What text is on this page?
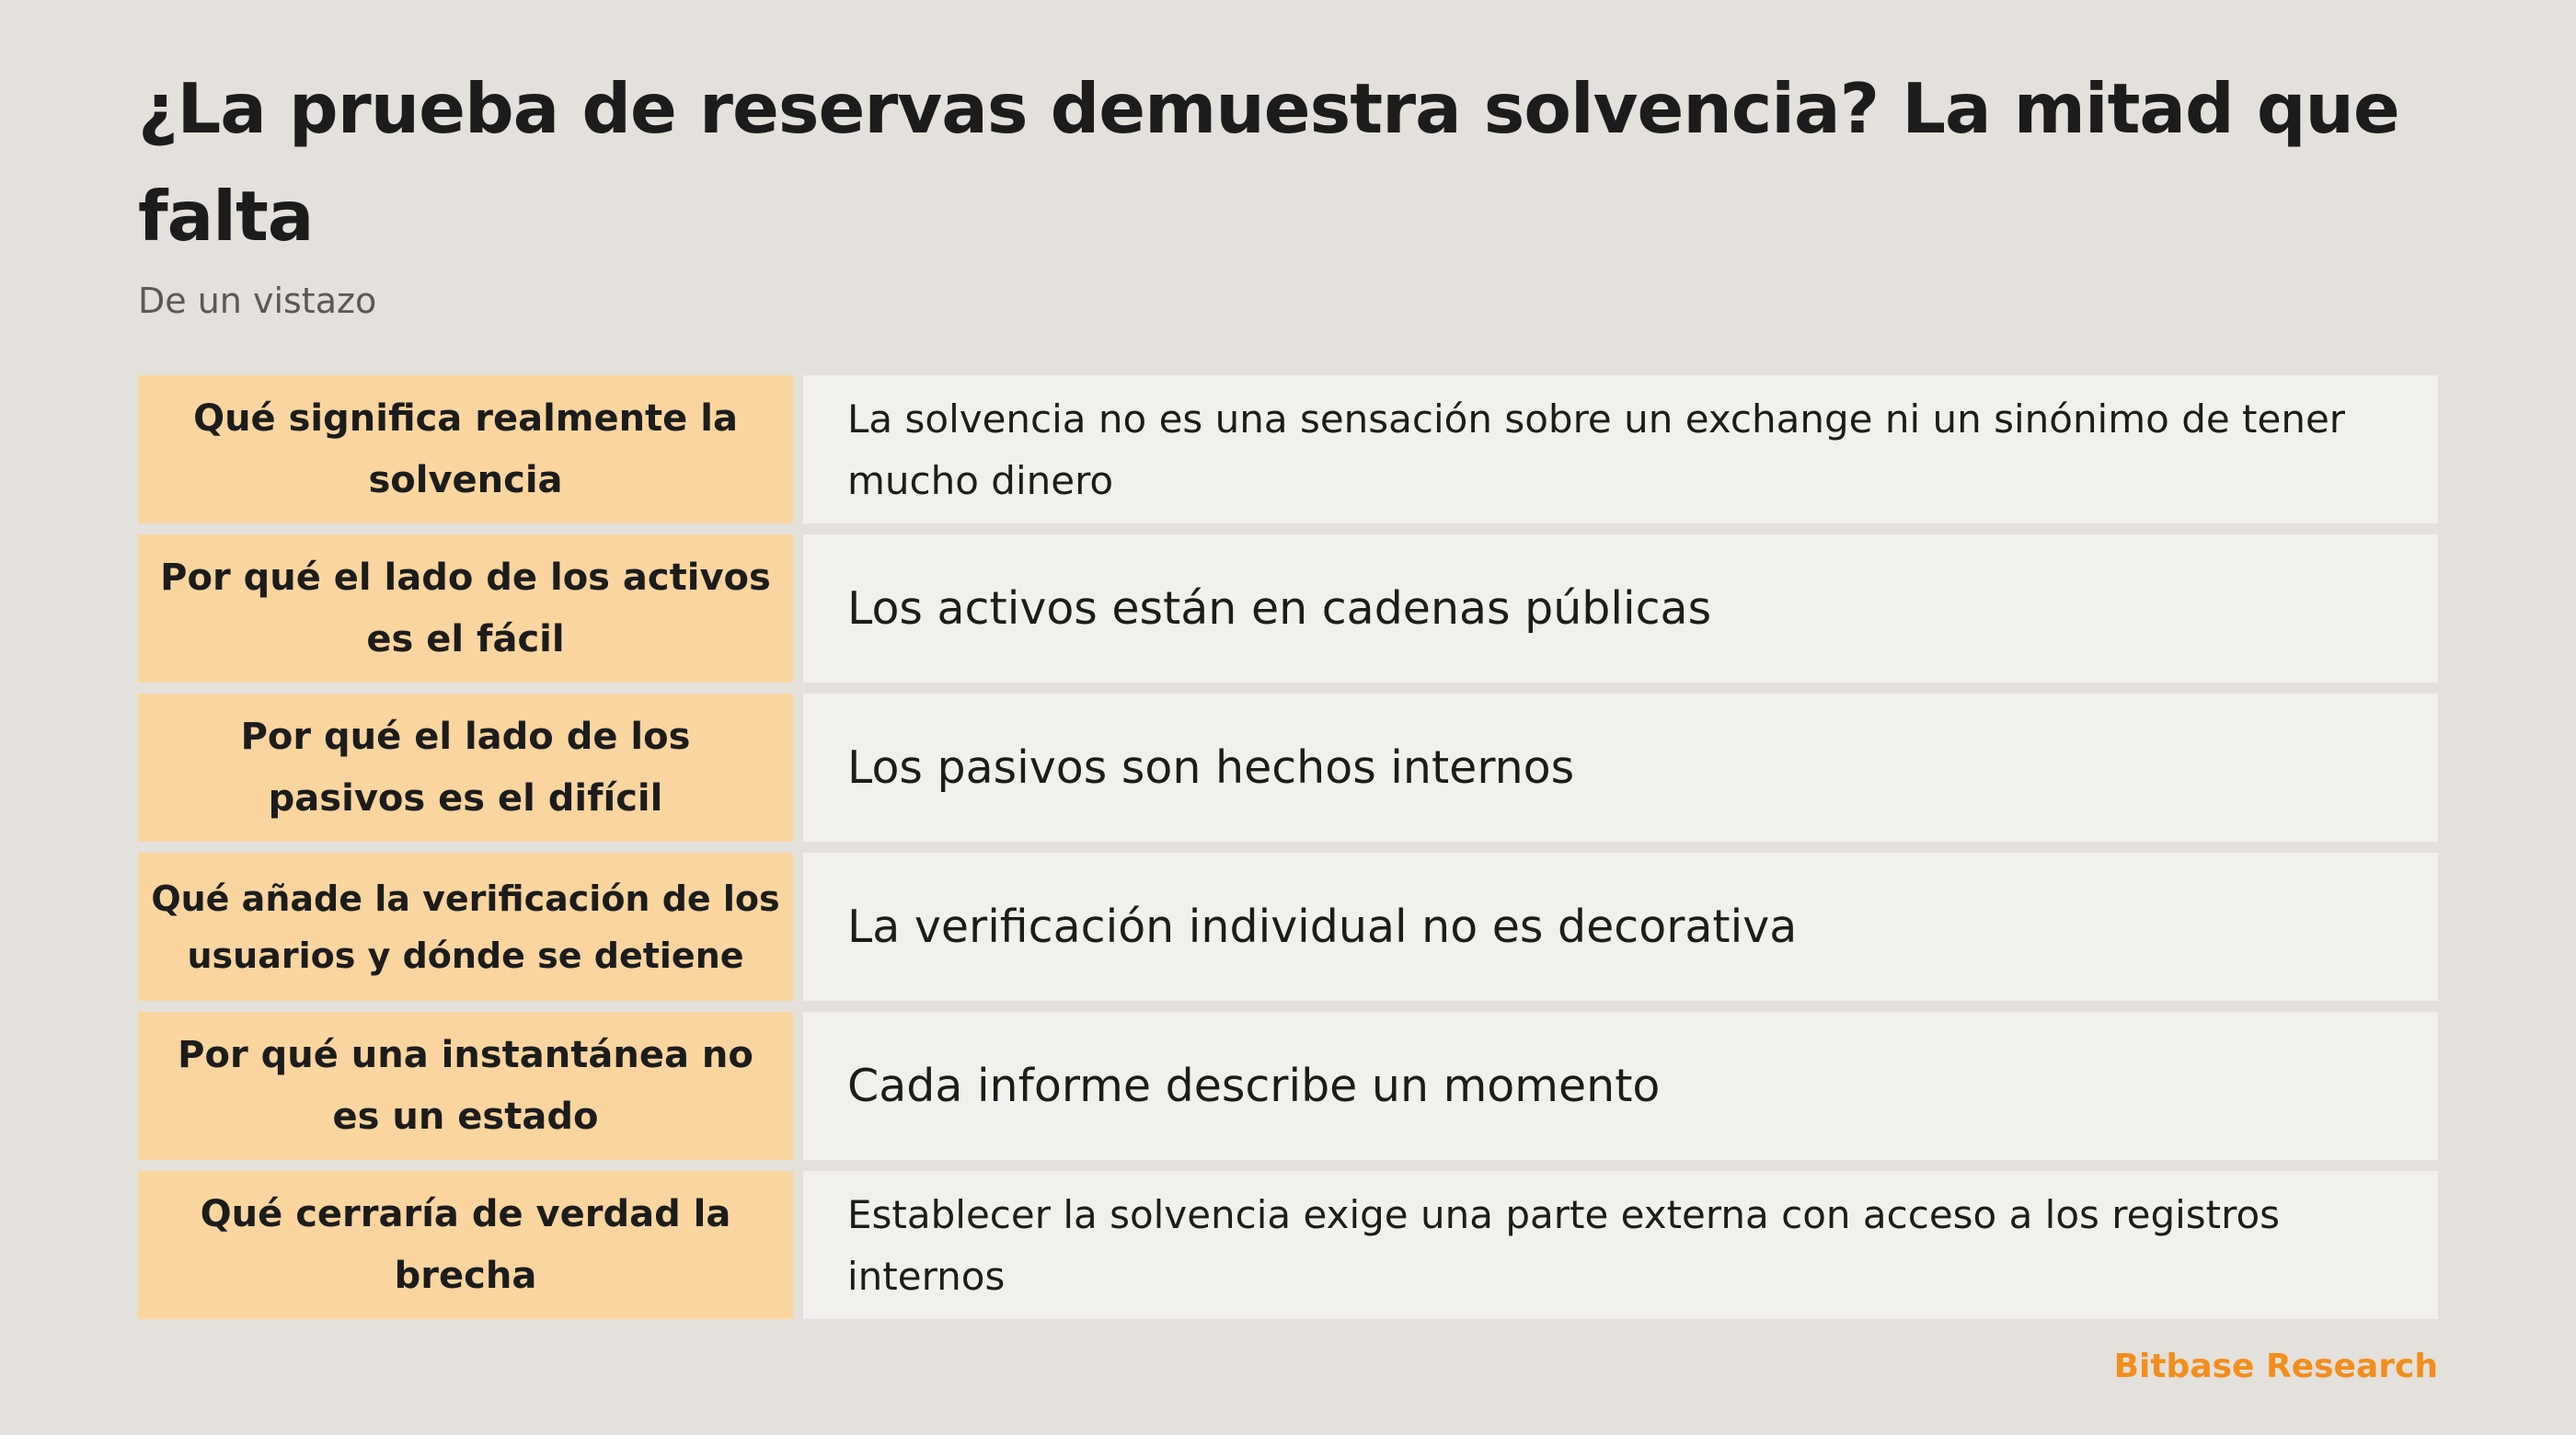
¿La prueba de reservas demuestra solvencia? La mitad que falta
De un vistazo
Qué significa realmente la solvencia
La solvencia no es una sensación sobre un exchange ni un sinónimo de tener mucho dinero
Por qué el lado de los activos es el fácil
Los activos están en cadenas públicas
Por qué el lado de los pasivos es el difícil
Los pasivos son hechos internos
Qué añade la verificación de los usuarios y dónde se detiene
La verificación individual no es decorativa
Por qué una instantánea no es un estado
Cada informe describe un momento
Qué cerraría de verdad la brecha
Establecer la solvencia exige una parte externa con acceso a los registros internos
Bitbase Research
